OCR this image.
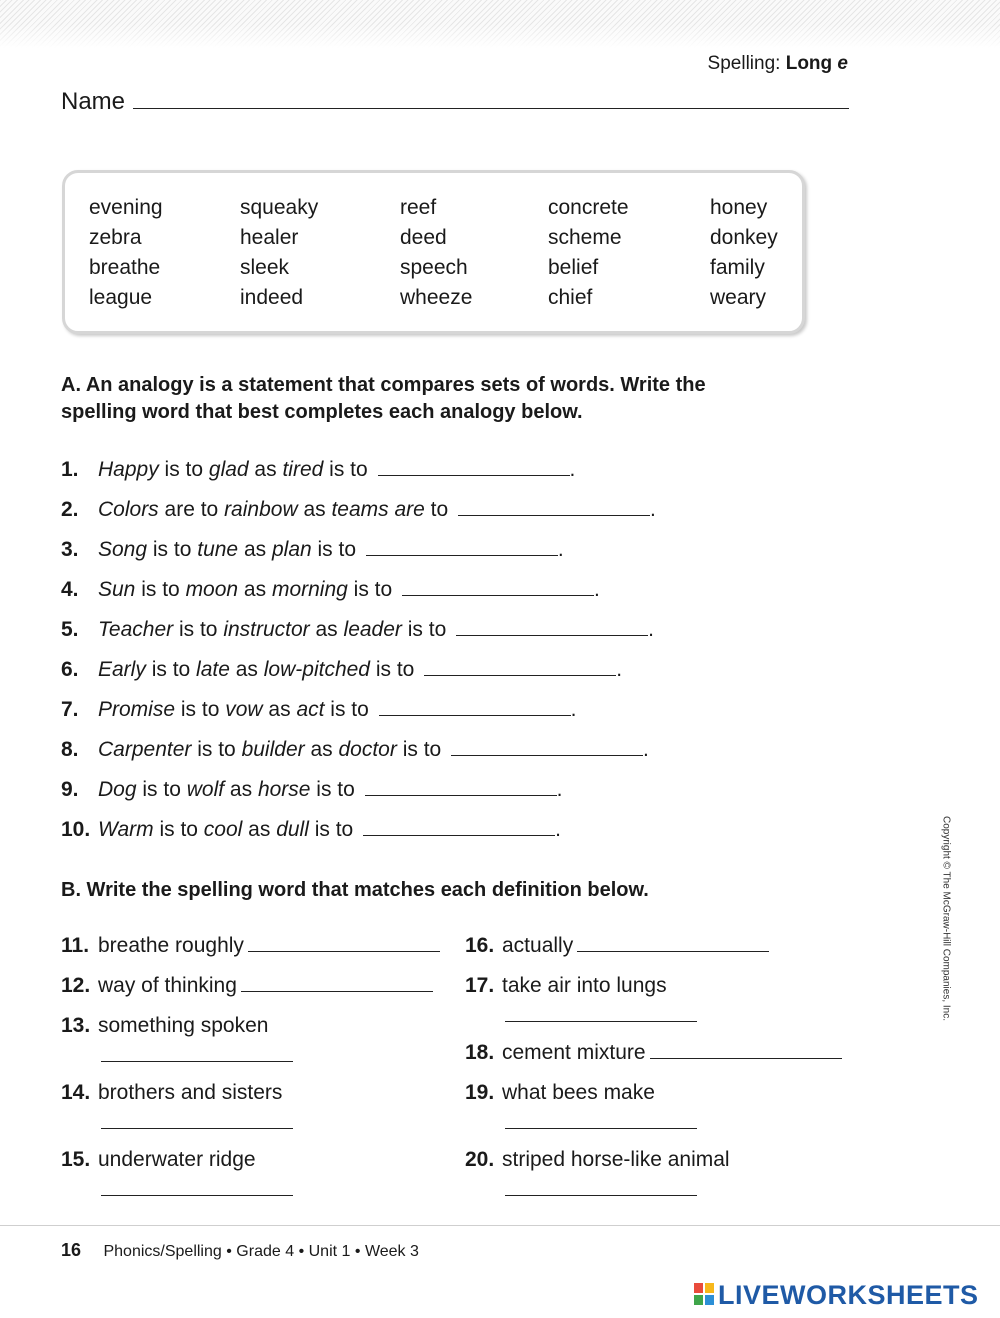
Spelling: Long e
Name
evening	squeaky	reef	concrete	honey
zebra	healer	deed	scheme	donkey
breathe	sleek	speech	belief	family
league	indeed	wheeze	chief	weary
A. An analogy is a statement that compares sets of words. Write the
spelling word that best completes each analogy below.
1. Happy is to glad as tired is to	.
2. Colors are to rainbow as teams are to	.
3. Song is to tune as plan is to	.
4. Sun is to moon as morning is to	.
5. Teacher is to instructor as leader is to	.
6. Early is to late as low-pitched is to	.
7. Promise is to vow as act is to	.
8. Carpenter is to builder as doctor is to	.
9. Dog is to wolf as horse is to	.
10. Warm is to cool as dull is to	.
B. Write the spelling word that matches each definition below.
11. breathe roughly
12. way of thinking
13. something spoken
14. brothers and sisters
15. underwater ridge
16. actually
17. take air into lungs
18. cement mixture
19. what bees make
20. striped horse-like animal
Copyright © The McGraw-Hill Companies, Inc.
16 Phonics/Spelling • Grade 4 • Unit 1 • Week 3
LIVEWORKSHEETS
